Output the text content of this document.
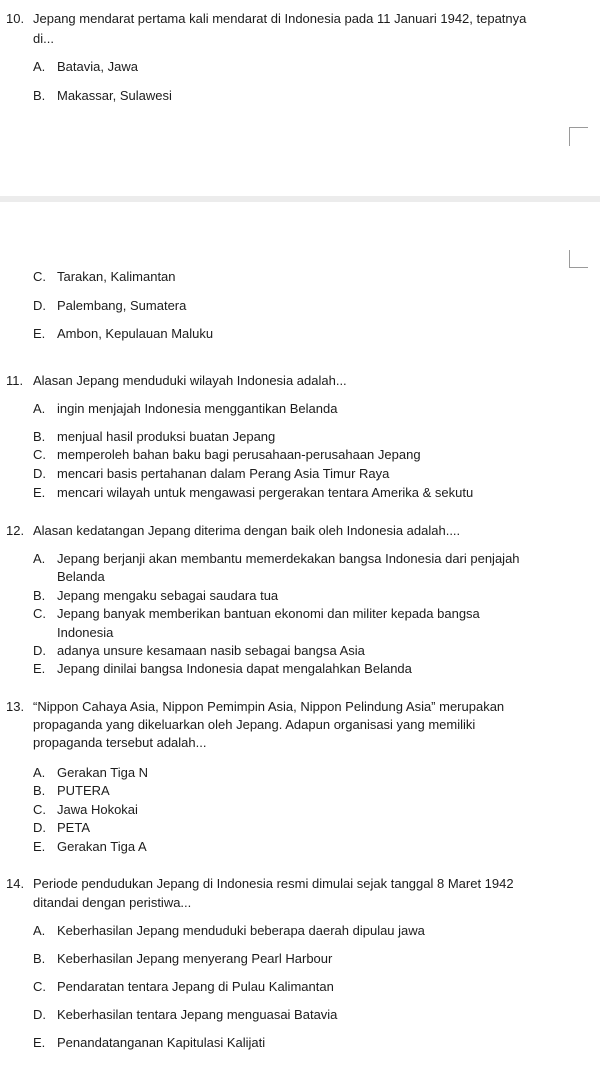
10. Jepang mendarat pertama kali mendarat di Indonesia pada 11 Januari 1942, tepatnya
di...
A. Batavia, Jawa
B. Makassar, Sulawesi
C. Tarakan, Kalimantan
D. Palembang, Sumatera
E. Ambon, Kepulauan Maluku
11. Alasan Jepang menduduki wilayah Indonesia adalah...
A. ingin menjajah Indonesia menggantikan Belanda
B. menjual hasil produksi buatan Jepang
C. memperoleh bahan baku bagi perusahaan-perusahaan Jepang
D. mencari basis pertahanan dalam Perang Asia Timur Raya
E. mencari wilayah untuk mengawasi pergerakan tentara Amerika & sekutu
12. Alasan kedatangan Jepang diterima dengan baik oleh Indonesia adalah....
A. Jepang berjanji akan membantu memerdekakan bangsa Indonesia dari penjajah
Belanda
B. Jepang mengaku sebagai saudara tua
C. Jepang banyak memberikan bantuan ekonomi dan militer kepada bangsa
Indonesia
D. adanya unsure kesamaan nasib sebagai bangsa Asia
E. Jepang dinilai bangsa Indonesia dapat mengalahkan Belanda
13. “Nippon Cahaya Asia, Nippon Pemimpin Asia, Nippon Pelindung Asia” merupakan
propaganda yang dikeluarkan oleh Jepang. Adapun organisasi yang memiliki
propaganda tersebut adalah...
A. Gerakan Tiga N
B. PUTERA
C. Jawa Hokokai
D. PETA
E. Gerakan Tiga A
14. Periode pendudukan Jepang di Indonesia resmi dimulai sejak tanggal 8 Maret 1942
ditandai dengan peristiwa...
A. Keberhasilan Jepang menduduki beberapa daerah dipulau jawa
B. Keberhasilan Jepang menyerang Pearl Harbour
C. Pendaratan tentara Jepang di Pulau Kalimantan
D. Keberhasilan tentara Jepang menguasai Batavia
E. Penandatanganan Kapitulasi Kalijati
